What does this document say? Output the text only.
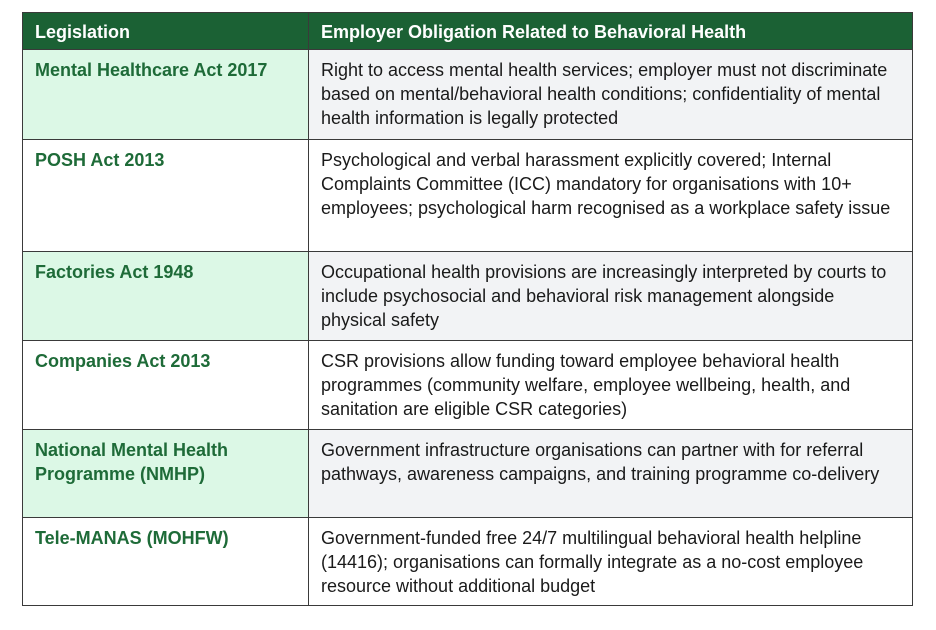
Legislation	Employer Obligation Related to Behavioral Health
Mental Healthcare Act 2017	Right to access mental health services; employer must not discriminate based on mental/behavioral health conditions; confidentiality of mental health information is legally protected
POSH Act 2013	Psychological and verbal harassment explicitly covered; Internal Complaints Committee (ICC) mandatory for organisations with 10+ employees; psychological harm recognised as a workplace safety issue
Factories Act 1948	Occupational health provisions are increasingly interpreted by courts to include psychosocial and behavioral risk management alongside physical safety
Companies Act 2013	CSR provisions allow funding toward employee behavioral health programmes (community welfare, employee wellbeing, health, and sanitation are eligible CSR categories)
National Mental Health Programme (NMHP)	Government infrastructure organisations can partner with for referral pathways, awareness campaigns, and training programme co-delivery
Tele-MANAS (MOHFW)	Government-funded free 24/7 multilingual behavioral health helpline (14416); organisations can formally integrate as a no-cost employee resource without additional budget
